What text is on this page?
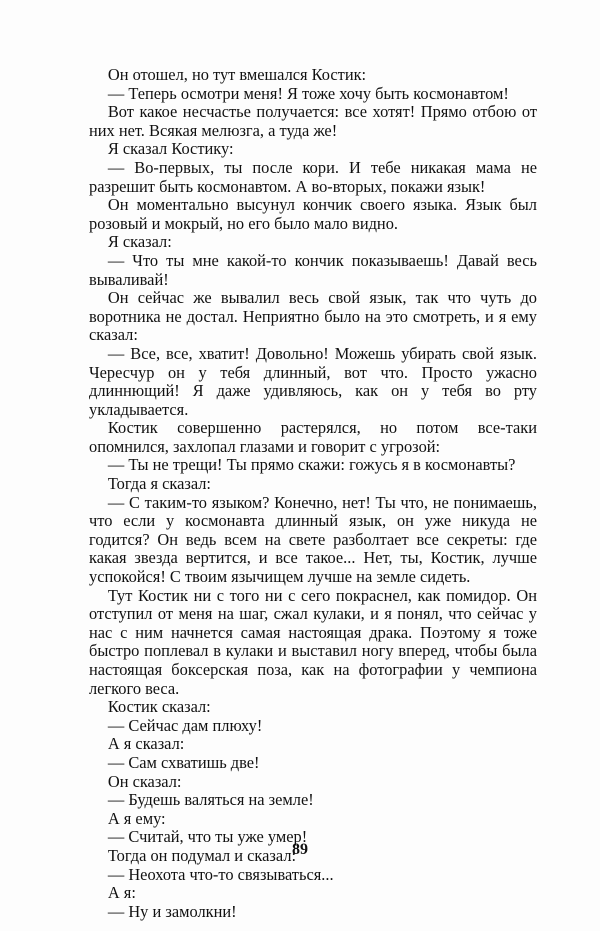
Он отошел, но тут вмешался Костик:

— Теперь осмотри меня! Я тоже хочу быть космонавтом!

Вот какое несчастье получается: все хотят! Прямо отбою от них нет. Всякая мелюзга, а туда же!

Я сказал Костику:

— Во-первых, ты после кори. И тебе никакая мама не разрешит быть космонавтом. А во-вторых, покажи язык!

Он моментально высунул кончик своего языка. Язык был розовый и мокрый, но его было мало видно.

Я сказал:

— Что ты мне какой-то кончик показываешь! Давай весь вываливай!

Он сейчас же вывалил весь свой язык, так что чуть до воротника не достал. Неприятно было на это смотреть, и я ему сказал:

— Все, все, хватит! Довольно! Можешь убирать свой язык. Чересчур он у тебя длинный, вот что. Просто ужасно длиннющий! Я даже удивляюсь, как он у тебя во рту укладывается.

Костик совершенно растерялся, но потом все-таки опомнился, захлопал глазами и говорит с угрозой:

— Ты не трещи! Ты прямо скажи: гожусь я в космонавты?

Тогда я сказал:

— С таким-то языком? Конечно, нет! Ты что, не понимаешь, что если у космонавта длинный язык, он уже никуда не годится? Он ведь всем на свете разболтает все секреты: где какая звезда вертится, и все такое... Нет, ты, Костик, лучше успокойся! С твоим язычищем лучше на земле сидеть.

Тут Костик ни с того ни с сего покраснел, как помидор. Он отступил от меня на шаг, сжал кулаки, и я понял, что сейчас у нас с ним начнется самая настоящая драка. Поэтому я тоже быстро поплевал в кулаки и выставил ногу вперед, чтобы была настоящая боксерская поза, как на фотографии у чемпиона легкого веса.

Костик сказал:

— Сейчас дам плюху!

А я сказал:

— Сам схватишь две!

Он сказал:

— Будешь валяться на земле!

А я ему:

— Считай, что ты уже умер!

Тогда он подумал и сказал:

— Неохота что-то связываться...

А я:

— Ну и замолкни!

89
